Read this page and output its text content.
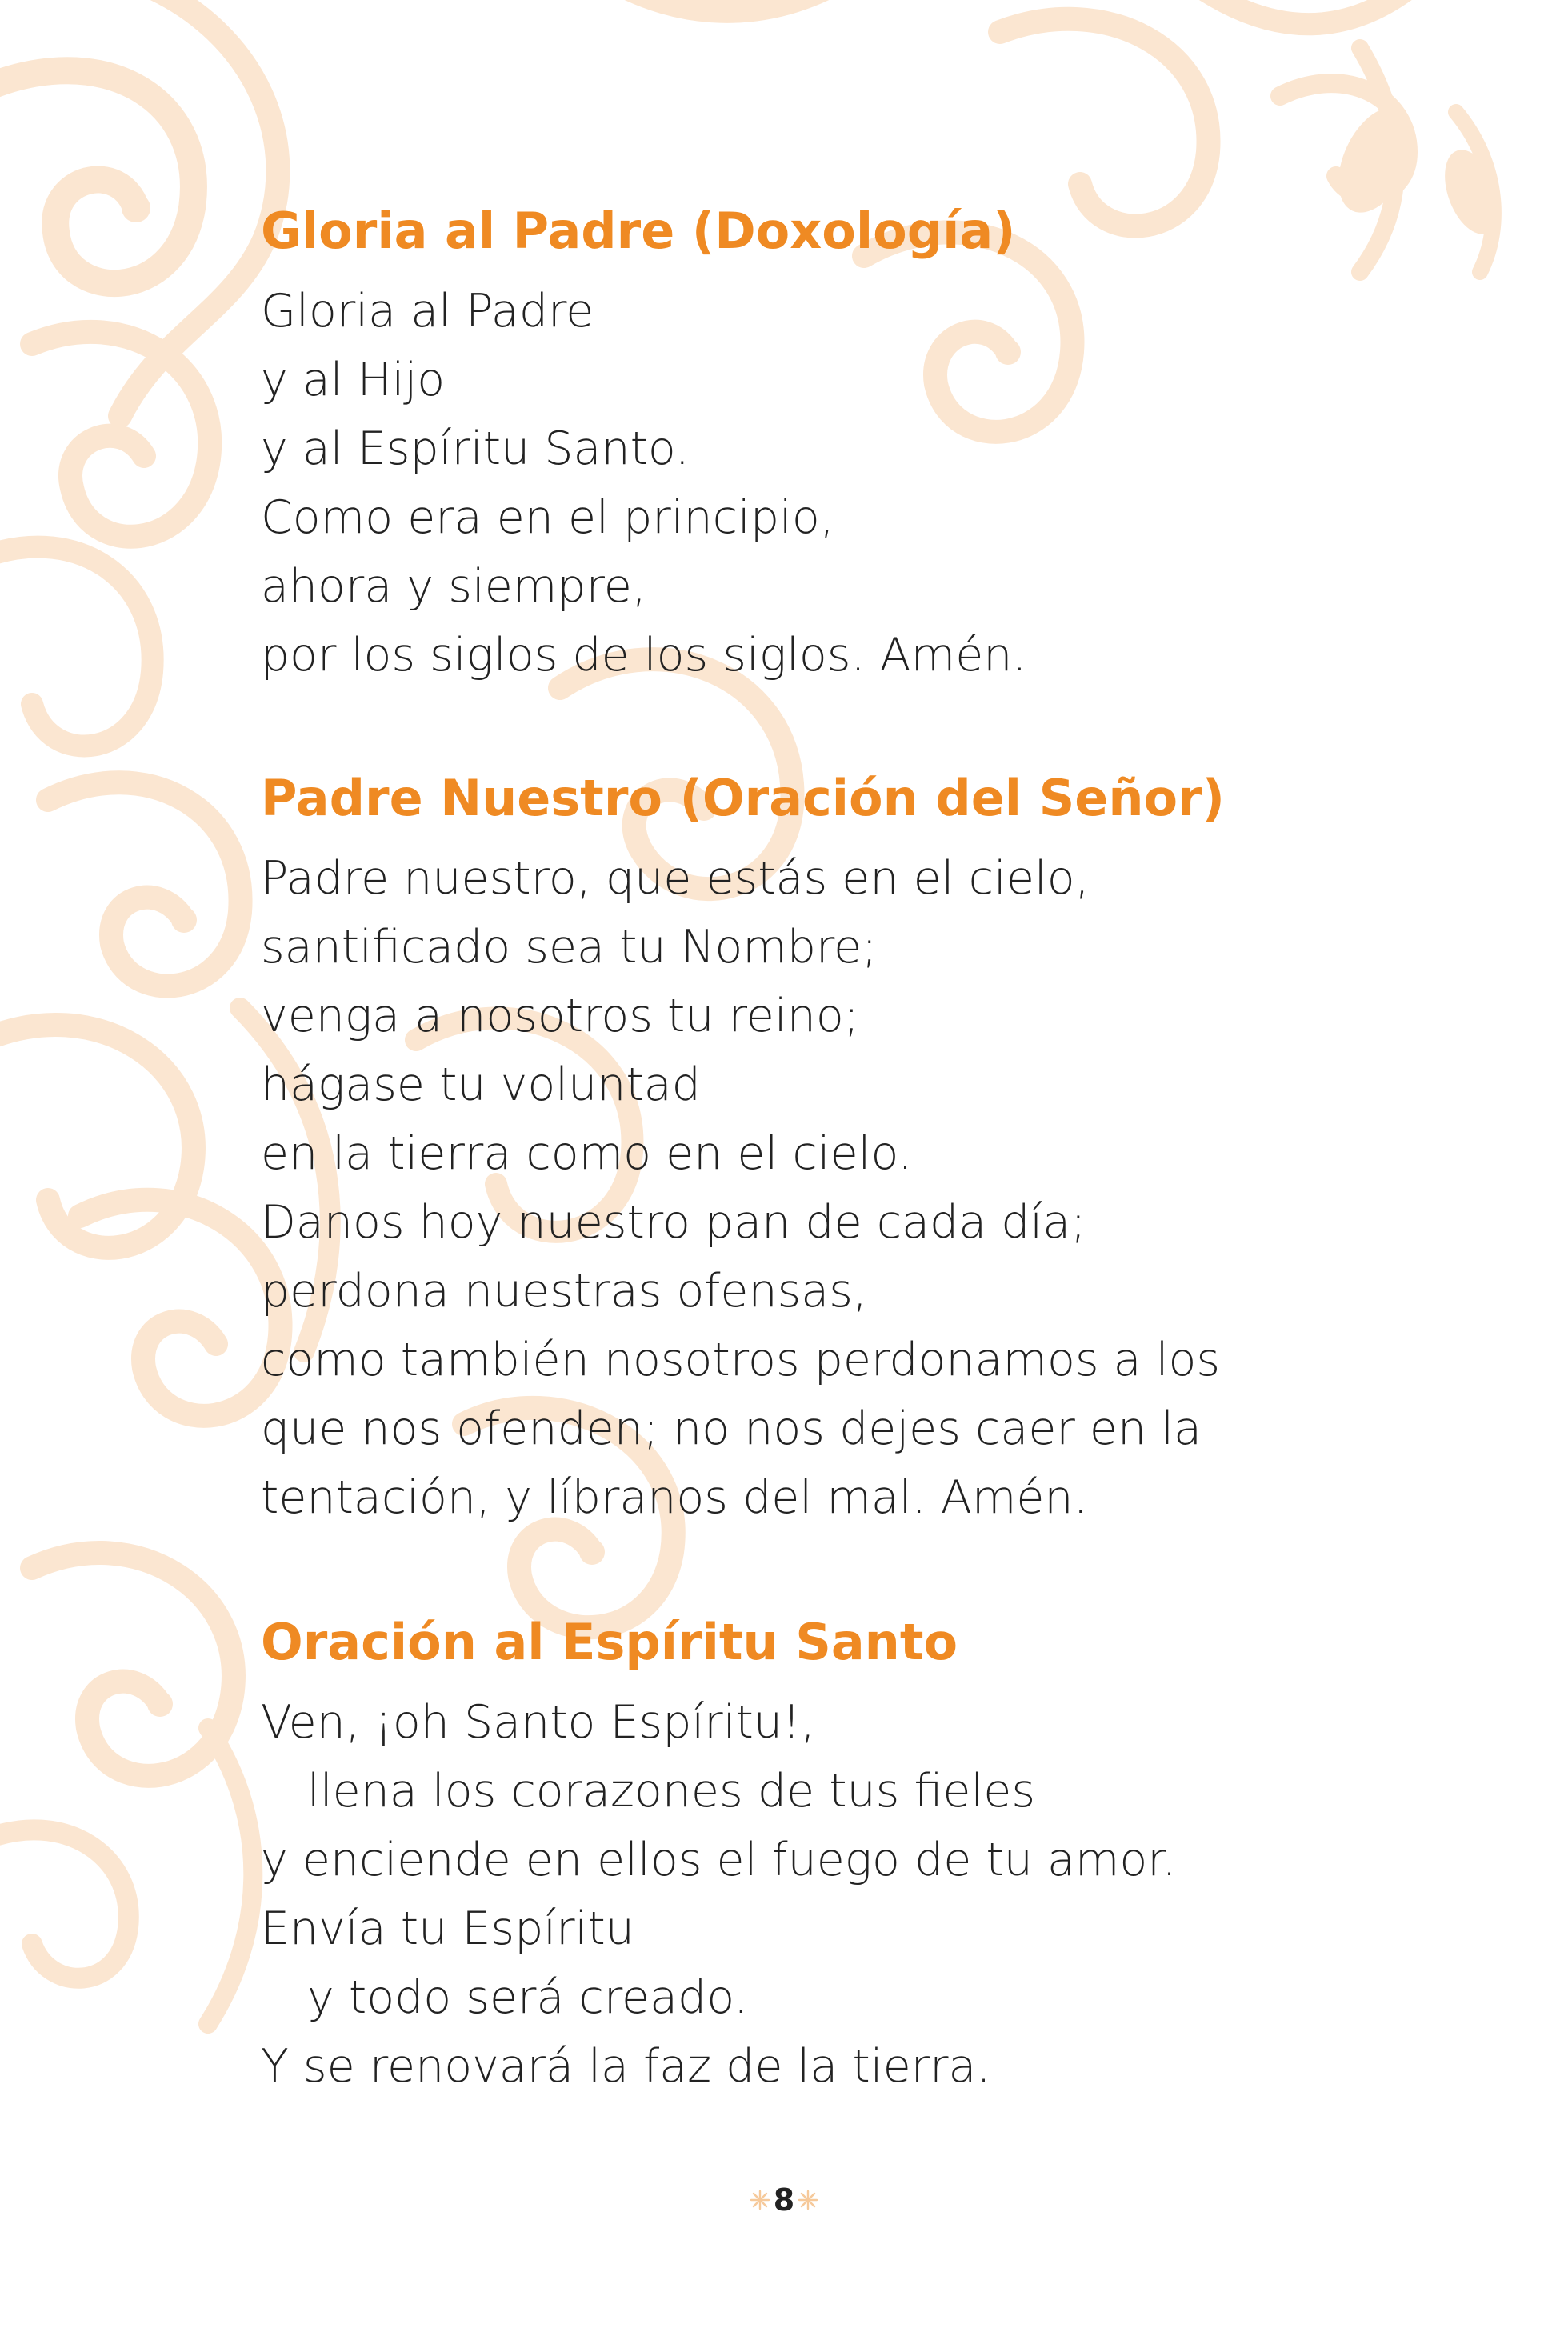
Gloria al Padre (Doxología)
Gloria al Padre
y al Hijo
y al Espíritu Santo.
Como era en el principio,
ahora y siempre,
por los siglos de los siglos. Amén.
Padre Nuestro (Oración del Señor)
Padre nuestro, que estás en el cielo,
santificado sea tu Nombre;
venga a nosotros tu reino;
hágase tu voluntad
en la tierra como en el cielo.
Danos hoy nuestro pan de cada día;
perdona nuestras ofensas,
como también nosotros perdonamos a los
que nos ofenden; no nos dejes caer en la
tentación, y líbranos del mal. Amén.
Oración al Espíritu Santo
Ven, ¡oh Santo Espíritu!,
llena los corazones de tus fieles
y enciende en ellos el fuego de tu amor.
Envía tu Espíritu
y todo será creado.
Y se renovará la faz de la tierra.
8
